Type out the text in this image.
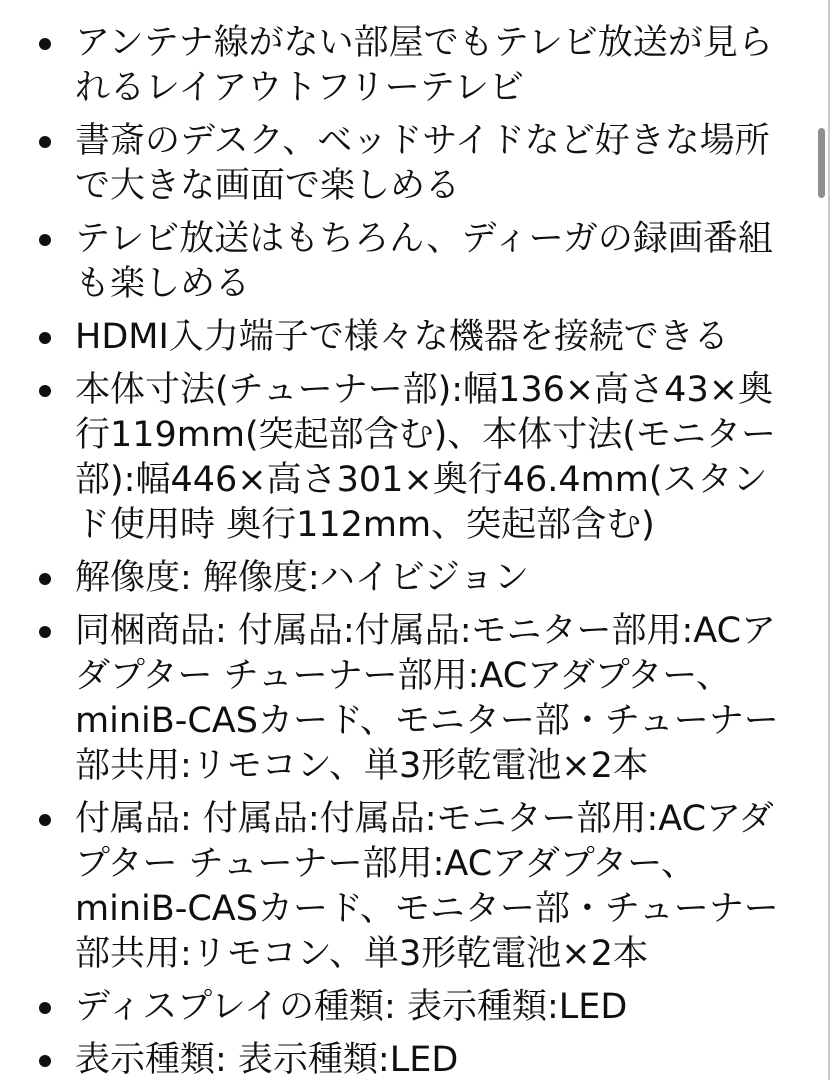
アンテナ線がない部屋でもテレビ放送が見られるレイアウトフリーテレビ
書斎のデスク、ベッドサイドなど好きな場所で大きな画面で楽しめる
テレビ放送はもちろん、ディーガの録画番組も楽しめる
HDMI入力端子で様々な機器を接続できる
本体寸法(チューナー部):幅136×高さ43×奥行119mm(突起部含む)、本体寸法(モニター部):幅446×高さ301×奥行46.4mm(スタンド使用時 奥行112mm、突起部含む)
解像度: 解像度:ハイビジョン
同梱商品: 付属品:付属品:モニター部用:ACアダプター チューナー部用:ACアダプター、miniB-CASカード、モニター部・チューナー部共用:リモコン、単3形乾電池×2本
付属品: 付属品:付属品:モニター部用:ACアダプター チューナー部用:ACアダプター、miniB-CASカード、モニター部・チューナー部共用:リモコン、単3形乾電池×2本
ディスプレイの種類: 表示種類:LED
表示種類: 表示種類:LED
